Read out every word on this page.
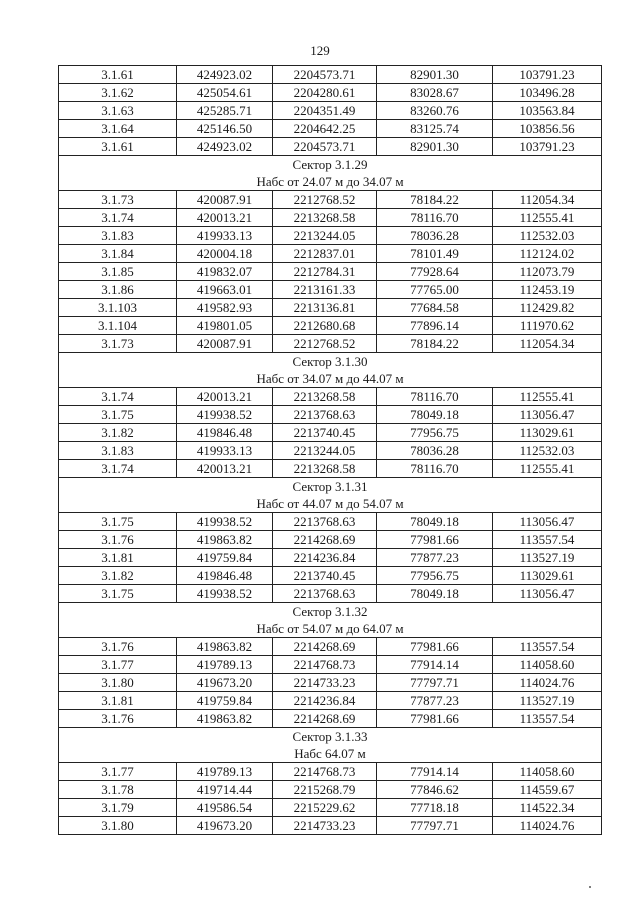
129
3.1.61	424923.02	2204573.71	82901.30	103791.23
3.1.62	425054.61	2204280.61	83028.67	103496.28
3.1.63	425285.71	2204351.49	83260.76	103563.84
3.1.64	425146.50	2204642.25	83125.74	103856.56
3.1.61	424923.02	2204573.71	82901.30	103791.23
Сектор 3.1.29				
Набс от 24.07 м до 34.07 м				
3.1.73	420087.91	2212768.52	78184.22	112054.34
3.1.74	420013.21	2213268.58	78116.70	112555.41
3.1.83	419933.13	2213244.05	78036.28	112532.03
3.1.84	420004.18	2212837.01	78101.49	112124.02
3.1.85	419832.07	2212784.31	77928.64	112073.79
3.1.86	419663.01	2213161.33	77765.00	112453.19
3.1.103	419582.93	2213136.81	77684.58	112429.82
3.1.104	419801.05	2212680.68	77896.14	111970.62
3.1.73	420087.91	2212768.52	78184.22	112054.34
Сектор 3.1.30				
Набс от 34.07 м до 44.07 м				
3.1.74	420013.21	2213268.58	78116.70	112555.41
3.1.75	419938.52	2213768.63	78049.18	113056.47
3.1.82	419846.48	2213740.45	77956.75	113029.61
3.1.83	419933.13	2213244.05	78036.28	112532.03
3.1.74	420013.21	2213268.58	78116.70	112555.41
Сектор 3.1.31				
Набс от 44.07 м до 54.07 м				
3.1.75	419938.52	2213768.63	78049.18	113056.47
3.1.76	419863.82	2214268.69	77981.66	113557.54
3.1.81	419759.84	2214236.84	77877.23	113527.19
3.1.82	419846.48	2213740.45	77956.75	113029.61
3.1.75	419938.52	2213768.63	78049.18	113056.47
Сектор 3.1.32				
Набс от 54.07 м до 64.07 м				
3.1.76	419863.82	2214268.69	77981.66	113557.54
3.1.77	419789.13	2214768.73	77914.14	114058.60
3.1.80	419673.20	2214733.23	77797.71	114024.76
3.1.81	419759.84	2214236.84	77877.23	113527.19
3.1.76	419863.82	2214268.69	77981.66	113557.54
Сектор 3.1.33				
Набс 64.07 м				
3.1.77	419789.13	2214768.73	77914.14	114058.60
3.1.78	419714.44	2215268.79	77846.62	114559.67
3.1.79	419586.54	2215229.62	77718.18	114522.34
3.1.80	419673.20	2214733.23	77797.71	114024.76
